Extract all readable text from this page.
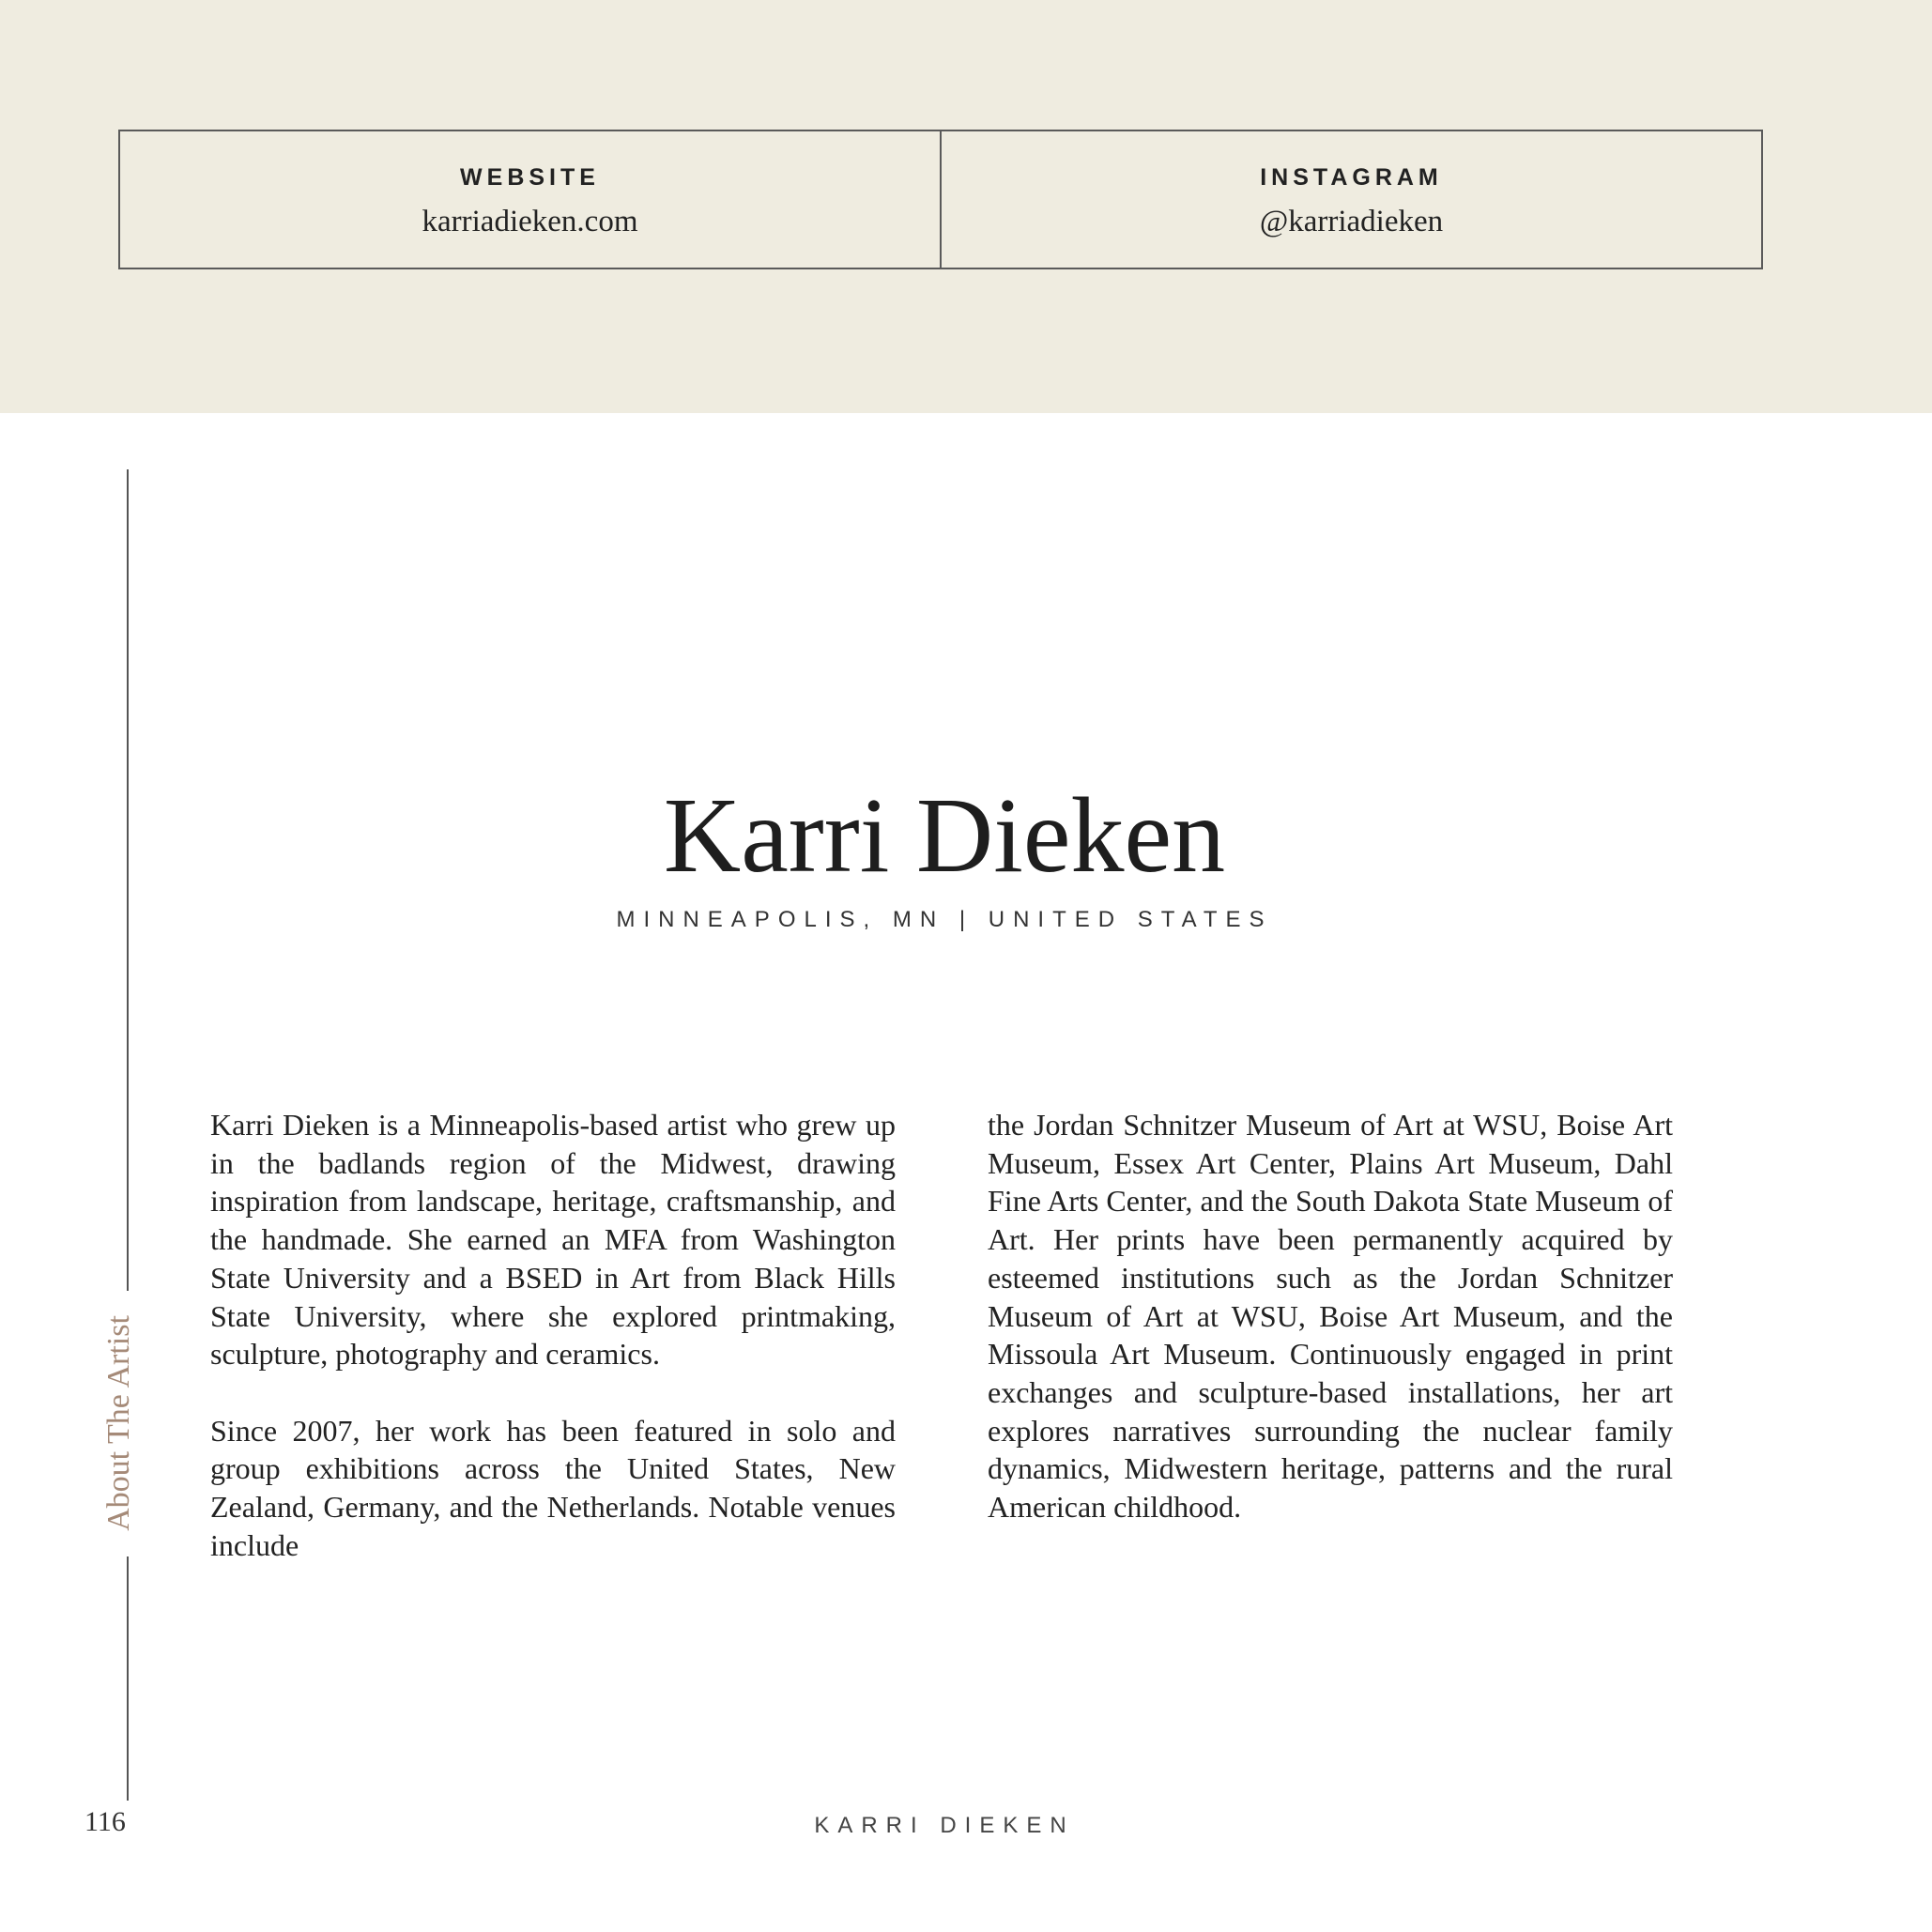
WEBSITE
karriadieken.com
INSTAGRAM
@karriadieken
About The Artist
Karri Dieken
MINNEAPOLIS, MN | UNITED STATES

Karri Dieken is a Minneapolis-based artist who grew up in the badlands region of the Midwest, drawing inspiration from landscape, heritage, craftsmanship, and the handmade. She earned an MFA from Washington State University and a BSED in Art from Black Hills State University, where she explored printmaking, sculpture, photography and ceramics.

Since 2007, her work has been featured in solo and group exhibitions across the United States, New Zealand, Germany, and the Netherlands. Notable venues include

the Jordan Schnitzer Museum of Art at WSU, Boise Art Museum, Essex Art Center, Plains Art Museum, Dahl Fine Arts Center, and the South Dakota State Museum of Art. Her prints have been permanently acquired by esteemed institutions such as the Jordan Schnitzer Museum of Art at WSU, Boise Art Museum, and the Missoula Art Museum. Continuously engaged in print exchanges and sculpture-based installations, her art explores narratives surrounding the nuclear family dynamics, Midwestern heritage, patterns and the rural American childhood.

116	KARRI DIEKEN
